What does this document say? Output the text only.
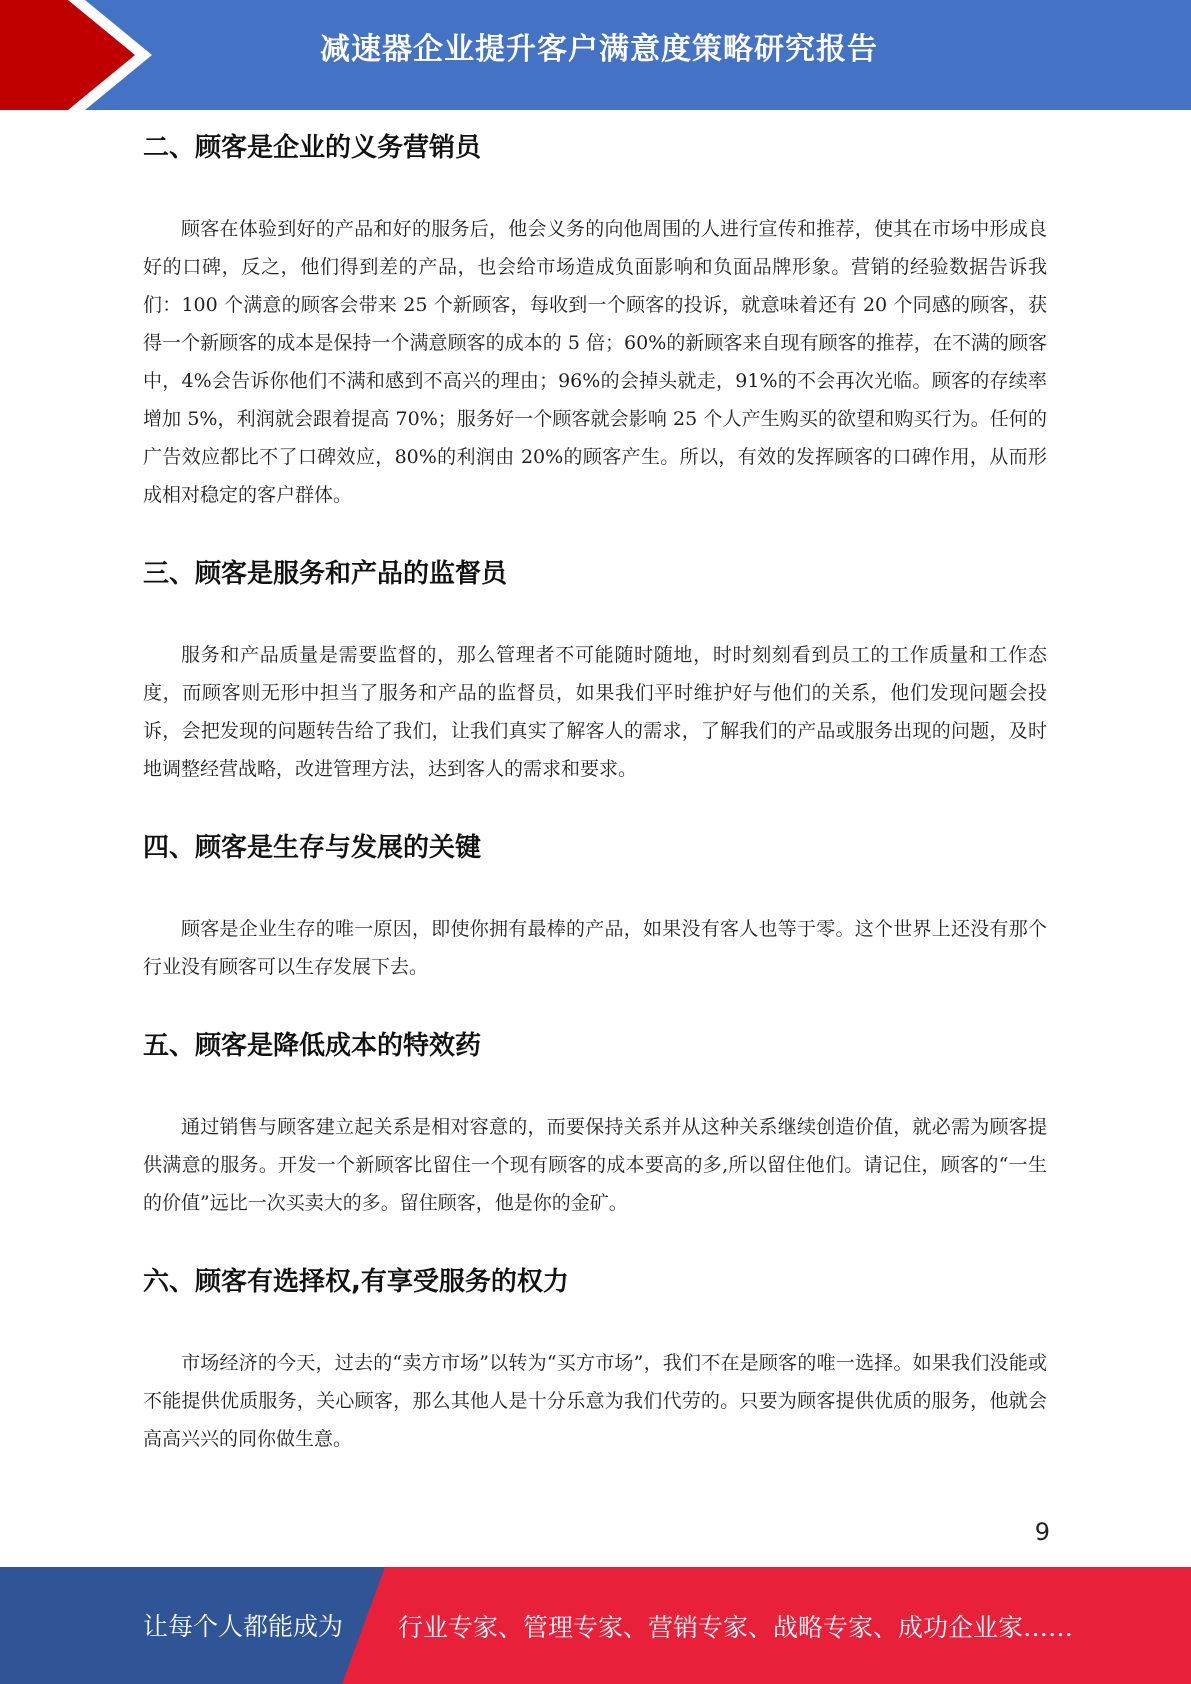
减速器企业提升客户满意度策略研究报告
二、顾客是企业的义务营销员

顾客在体验到好的产品和好的服务后，他会义务的向他周围的人进行宣传和推荐，使其在市场中形成良好的口碑，反之，他们得到差的产品，也会给市场造成负面影响和负面品牌形象。营销的经验数据告诉我们：100 个满意的顾客会带来 25 个新顾客，每收到一个顾客的投诉，就意味着还有 20 个同感的顾客，获得一个新顾客的成本是保持一个满意顾客的成本的 5 倍；60%的新顾客来自现有顾客的推荐，在不满的顾客中，4%会告诉你他们不满和感到不高兴的理由；96%的会掉头就走，91%的不会再次光临。顾客的存续率增加 5%，利润就会跟着提高 70%；服务好一个顾客就会影响 25 个人产生购买的欲望和购买行为。任何的广告效应都比不了口碑效应，80%的利润由 20%的顾客产生。所以，有效的发挥顾客的口碑作用，从而形成相对稳定的客户群体。

三、顾客是服务和产品的监督员

服务和产品质量是需要监督的，那么管理者不可能随时随地，时时刻刻看到员工的工作质量和工作态度，而顾客则无形中担当了服务和产品的监督员，如果我们平时维护好与他们的关系，他们发现问题会投诉，会把发现的问题转告给了我们，让我们真实了解客人的需求，了解我们的产品或服务出现的问题，及时地调整经营战略，改进管理方法，达到客人的需求和要求。

四、顾客是生存与发展的关键

顾客是企业生存的唯一原因，即使你拥有最棒的产品，如果没有客人也等于零。这个世界上还没有那个行业没有顾客可以生存发展下去。

五、顾客是降低成本的特效药

通过销售与顾客建立起关系是相对容意的，而要保持关系并从这种关系继续创造价值，就必需为顾客提供满意的服务。开发一个新顾客比留住一个现有顾客的成本要高的多,所以留住他们。请记住，顾客的“一生的价值”远比一次买卖大的多。留住顾客，他是你的金矿。

六、顾客有选择权,有享受服务的权力

市场经济的今天，过去的“卖方市场”以转为“买方市场”，我们不在是顾客的唯一选择。如果我们没能或不能提供优质服务，关心顾客，那么其他人是十分乐意为我们代劳的。只要为顾客提供优质的服务，他就会高高兴兴的同你做生意。

9
让每个人都能成为 行业专家、管理专家、营销专家、战略专家、成功企业家……
